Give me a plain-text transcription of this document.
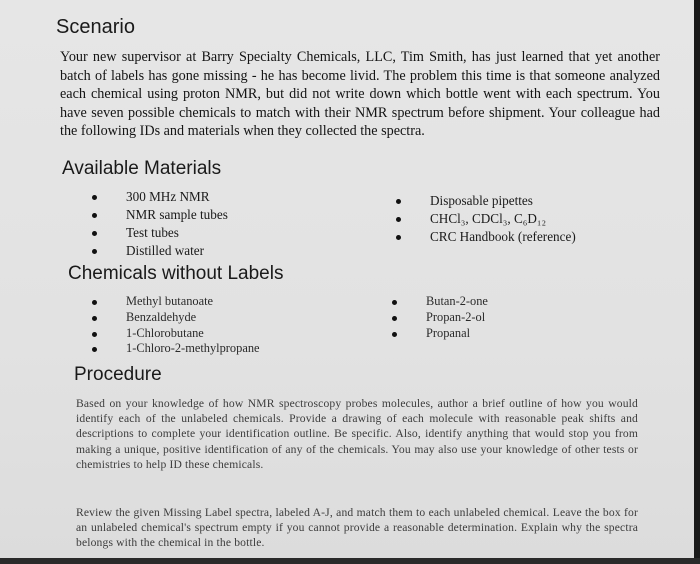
Scenario

Your new supervisor at Barry Specialty Chemicals, LLC, Tim Smith, has just learned that yet another batch of labels has gone missing - he has become livid. The problem this time is that someone analyzed each chemical using proton NMR, but did not write down which bottle went with each spectrum. You have seven possible chemicals to match with their NMR spectrum before shipment. Your colleague had the following IDs and materials when they collected the spectra.

Available Materials
300 MHz NMR
NMR sample tubes
Test tubes
Distilled water
Disposable pipettes
CHCl₃, CDCl₃, C₆D₁₂
CRC Handbook (reference)
Chemicals without Labels
Methyl butanoate
Benzaldehyde
1-Chlorobutane
1-Chloro-2-methylpropane
Butan-2-one
Propan-2-ol
Propanal
Procedure

Based on your knowledge of how NMR spectroscopy probes molecules, author a brief outline of how you would identify each of the unlabeled chemicals. Provide a drawing of each molecule with reasonable peak shifts and descriptions to complete your identification outline. Be specific. Also, identify anything that would stop you from making a unique, positive identification of any of the chemicals. You may also use your knowledge of other tests or chemistries to help ID these chemicals.

Review the given Missing Label spectra, labeled A-J, and match them to each unlabeled chemical. Leave the box for an unlabeled chemical's spectrum empty if you cannot provide a reasonable determination. Explain why the spectra belongs with the chemical in the bottle.
